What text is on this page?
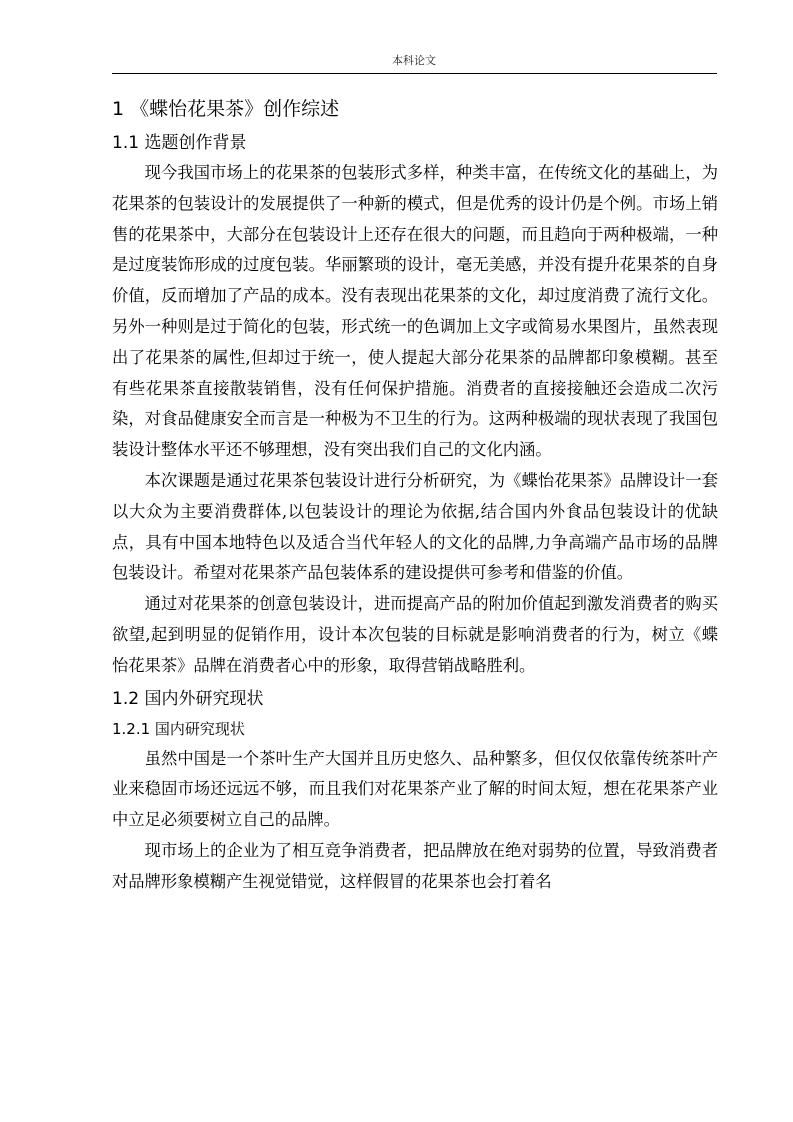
本科论文
1 《蝶怡花果茶》创作综述
1.1 选题创作背景

现今我国市场上的花果茶的包装形式多样，种类丰富，在传统文化的基础上，为花果茶的包装设计的发展提供了一种新的模式，但是优秀的设计仍是个例。市场上销售的花果茶中，大部分在包装设计上还存在很大的问题，而且趋向于两种极端，一种是过度装饰形成的过度包装。华丽繁琐的设计，毫无美感，并没有提升花果茶的自身价值，反而增加了产品的成本。没有表现出花果茶的文化，却过度消费了流行文化。另外一种则是过于简化的包装，形式统一的色调加上文字或简易水果图片，虽然表现出了花果茶的属性,但却过于统一，使人提起大部分花果茶的品牌都印象模糊。甚至有些花果茶直接散装销售，没有任何保护措施。消费者的直接接触还会造成二次污染，对食品健康安全而言是一种极为不卫生的行为。这两种极端的现状表现了我国包装设计整体水平还不够理想，没有突出我们自己的文化内涵。

本次课题是通过花果茶包装设计进行分析研究，为《蝶怡花果茶》品牌设计一套以大众为主要消费群体,以包装设计的理论为依据,结合国内外食品包装设计的优缺点，具有中国本地特色以及适合当代年轻人的文化的品牌,力争高端产品市场的品牌包装设计。希望对花果茶产品包装体系的建设提供可参考和借鉴的价值。

通过对花果茶的创意包装设计，进而提高产品的附加价值起到激发消费者的购买欲望,起到明显的促销作用，设计本次包装的目标就是影响消费者的行为，树立《蝶怡花果茶》品牌在消费者心中的形象，取得营销战略胜利。

1.2 国内外研究现状
1.2.1 国内研究现状

虽然中国是一个茶叶生产大国并且历史悠久、品种繁多，但仅仅依靠传统茶叶产业来稳固市场还远远不够，而且我们对花果茶产业了解的时间太短，想在花果茶产业中立足必须要树立自己的品牌。

现市场上的企业为了相互竞争消费者，把品牌放在绝对弱势的位置，导致消费者对品牌形象模糊产生视觉错觉，这样假冒的花果茶也会打着名
